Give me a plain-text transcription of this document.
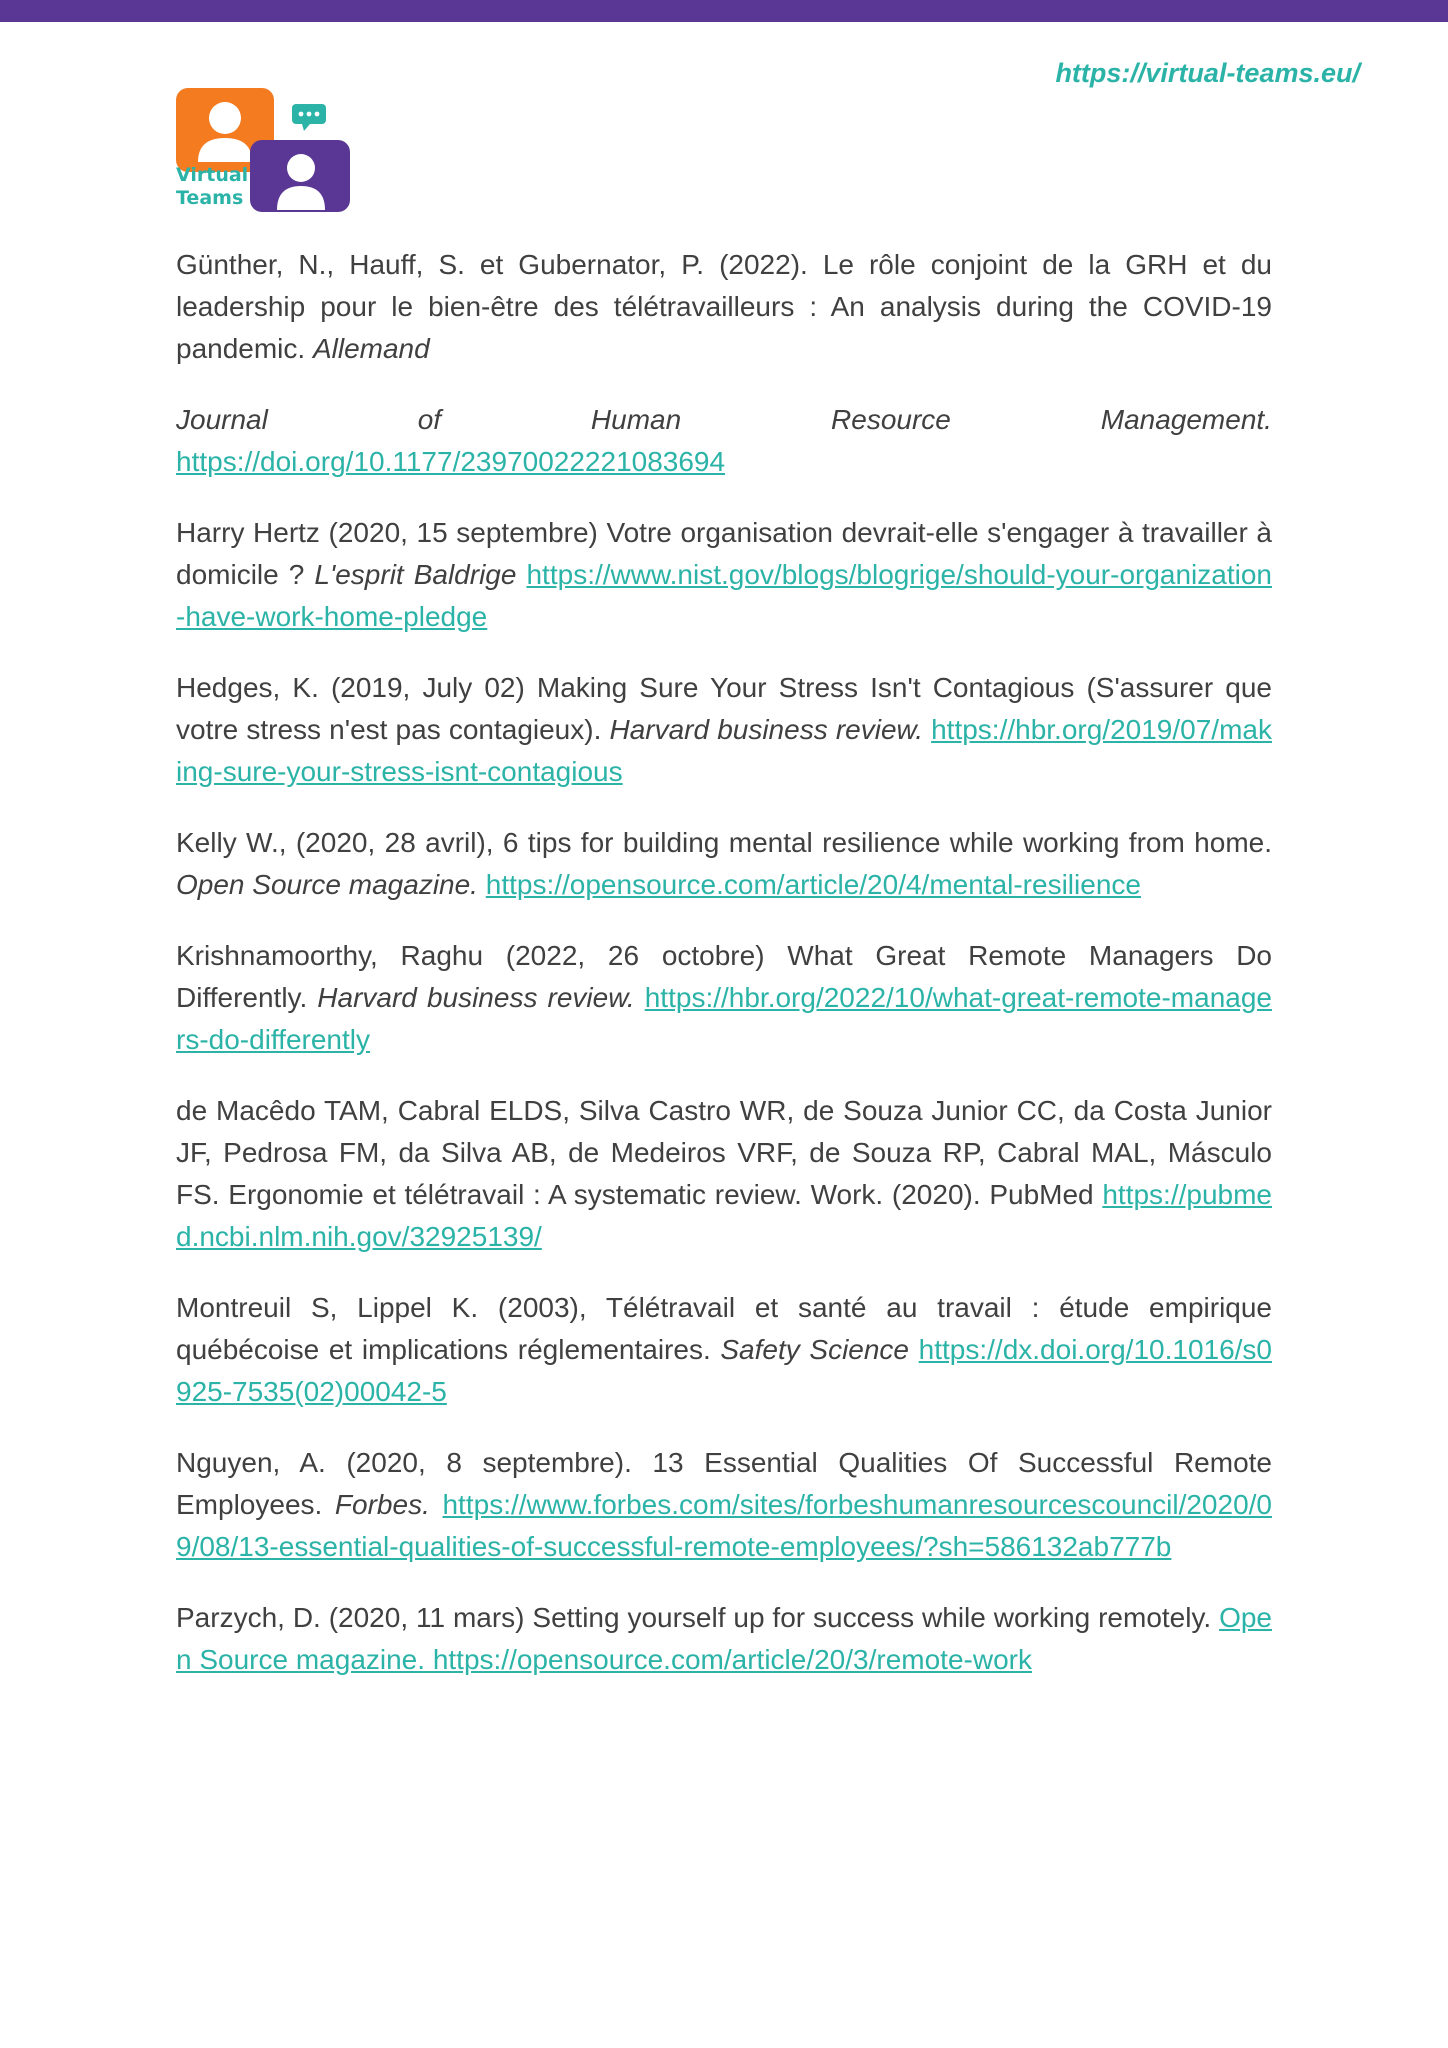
https://virtual-teams.eu/
Virtual
Teams

Günther, N., Hauff, S. et Gubernator, P. (2022). Le rôle conjoint de la GRH et du leadership pour le bien-être des télétravailleurs : An analysis during the COVID-19 pandemic. Allemand

Journal	of	Human	Resource	Management.
https://doi.org/10.1177/23970022221083694

Harry Hertz (2020, 15 septembre) Votre organisation devrait-elle s'engager à travailler à domicile ? L'esprit Baldrige https://www.nist.gov/blogs/blogrige/should-your-organization-have-work-home-pledge

Hedges, K. (2019, July 02) Making Sure Your Stress Isn't Contagious (S'assurer que votre stress n'est pas contagieux). Harvard business review. https://hbr.org/2019/07/making-sure-your-stress-isnt-contagious

Kelly W., (2020, 28 avril), 6 tips for building mental resilience while working from home. Open Source magazine. https://opensource.com/article/20/4/mental-resilience

Krishnamoorthy, Raghu (2022, 26 octobre) What Great Remote Managers Do Differently. Harvard business review. https://hbr.org/2022/10/what-great-remote-managers-do-differently

de Macêdo TAM, Cabral ELDS, Silva Castro WR, de Souza Junior CC, da Costa Junior JF, Pedrosa FM, da Silva AB, de Medeiros VRF, de Souza RP, Cabral MAL, Másculo FS. Ergonomie et télétravail : A systematic review. Work. (2020). PubMed https://pubmed.ncbi.nlm.nih.gov/32925139/

Montreuil S, Lippel K. (2003), Télétravail et santé au travail : étude empirique québécoise et implications réglementaires. Safety Science https://dx.doi.org/10.1016/s0925-7535(02)00042-5

Nguyen, A. (2020, 8 septembre). 13 Essential Qualities Of Successful Remote Employees. Forbes. https://www.forbes.com/sites/forbeshumanresourcescouncil/2020/09/08/13-essential-qualities-of-successful-remote-employees/?sh=586132ab777b

Parzych, D. (2020, 11 mars) Setting yourself up for success while working remotely. Open Source magazine. https://opensource.com/article/20/3/remote-work
